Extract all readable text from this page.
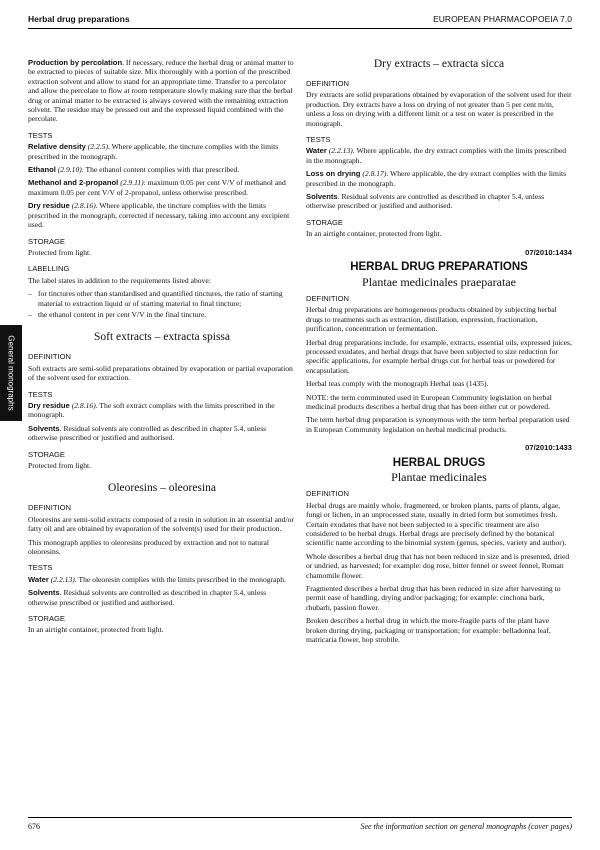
Herbal drug preparations	EUROPEAN PHARMACOPOEIA 7.0
General monographs

Production by percolation. If necessary, reduce the herbal drug or animal matter to be extracted to pieces of suitable size. Mix thoroughly with a portion of the prescribed extraction solvent and allow to stand for an appropriate time. Transfer to a percolator and allow the percolate to flow at room temperature slowly making sure that the herbal drug or animal matter to be extracted is always covered with the remaining extraction solvent. The residue may be pressed out and the expressed liquid combined with the percolate.

TESTS

Relative density (2.2.5). Where applicable, the tincture complies with the limits prescribed in the monograph.

Ethanol (2.9.10). The ethanol content complies with that prescribed.

Methanol and 2-propanol (2.9.11): maximum 0.05 per cent V/V of methanol and maximum 0.05 per cent V/V of 2-propanol, unless otherwise prescribed.

Dry residue (2.8.16). Where applicable, the tincture complies with the limits prescribed in the monograph, corrected if necessary, taking into account any excipient used.

STORAGE

Protected from light.

LABELLING

The label states in addition to the requirements listed above:

– for tinctures other than standardised and quantified tinctures, the ratio of starting material to extraction liquid or of starting material to final tincture;
– the ethanol content in per cent V/V in the final tincture.
Soft extracts – extracta spissa
DEFINITION

Soft extracts are semi-solid preparations obtained by evaporation or partial evaporation of the solvent used for extraction.

TESTS

Dry residue (2.8.16). The soft extract complies with the limits prescribed in the monograph.

Solvents. Residual solvents are controlled as described in chapter 5.4, unless otherwise prescribed or justified and authorised.

STORAGE

Protected from light.

Oleoresins – oleoresina
DEFINITION

Oleoresins are semi-solid extracts composed of a resin in solution in an essential and/or fatty oil and are obtained by evaporation of the solvent(s) used for their production.

This monograph applies to oleoresins produced by extraction and not to natural oleoresins.

TESTS

Water (2.2.13). The oleoresin complies with the limits prescribed in the monograph.

Solvents. Residual solvents are controlled as described in chapter 5.4, unless otherwise prescribed or justified and authorised.

STORAGE

In an airtight container, protected from light.

Dry extracts – extracta sicca
DEFINITION

Dry extracts are solid preparations obtained by evaporation of the solvent used for their production. Dry extracts have a loss on drying of not greater than 5 per cent m/m, unless a loss on drying with a different limit or a test on water is prescribed in the monograph.

TESTS

Water (2.2.13). Where applicable, the dry extract complies with the limits prescribed in the monograph.

Loss on drying (2.8.17). Where applicable, the dry extract complies with the limits prescribed in the monograph.

Solvents. Residual solvents are controlled as described in chapter 5.4, unless otherwise prescribed or justified and authorised.

STORAGE

In an airtight container, protected from light.

07/2010:1434
HERBAL DRUG PREPARATIONS
Plantae medicinales praeparatae
DEFINITION

Herbal drug preparations are homogeneous products obtained by subjecting herbal drugs to treatments such as extraction, distillation, expression, fractionation, purification, concentration or fermentation.

Herbal drug preparations include, for example, extracts, essential oils, expressed juices, processed exudates, and herbal drugs that have been subjected to size reduction for specific applications, for example herbal drugs cut for herbal teas or powdered for encapsulation.

Herbal teas comply with the monograph Herbal teas (1435).

NOTE: the term comminuted used in European Community legislation on herbal medicinal products describes a herbal drug that has been either cut or powdered.

The term herbal drug preparation is synonymous with the term herbal preparation used in European Community legislation on herbal medicinal products.

07/2010:1433
HERBAL DRUGS
Plantae medicinales
DEFINITION

Herbal drugs are mainly whole, fragmented, or broken plants, parts of plants, algae, fungi or lichen, in an unprocessed state, usually in dried form but sometimes fresh. Certain exudates that have not been subjected to a specific treatment are also considered to be herbal drugs. Herbal drugs are precisely defined by the botanical scientific name according to the binomial system (genus, species, variety and author).

Whole describes a herbal drug that has not been reduced in size and is presented, dried or undried, as harvested; for example: dog rose, bitter fennel or sweet fennel, Roman chamomile flower.

Fragmented describes a herbal drug that has been reduced in size after harvesting to permit ease of handling, drying and/or packaging; for example: cinchona bark, rhubarb, passion flower.

Broken describes a herbal drug in which the more-fragile parts of the plant have broken during drying, packaging or transportation; for example: belladonna leaf, matricaria flower, hop strobile.

676	See the information section on general monographs (cover pages)
